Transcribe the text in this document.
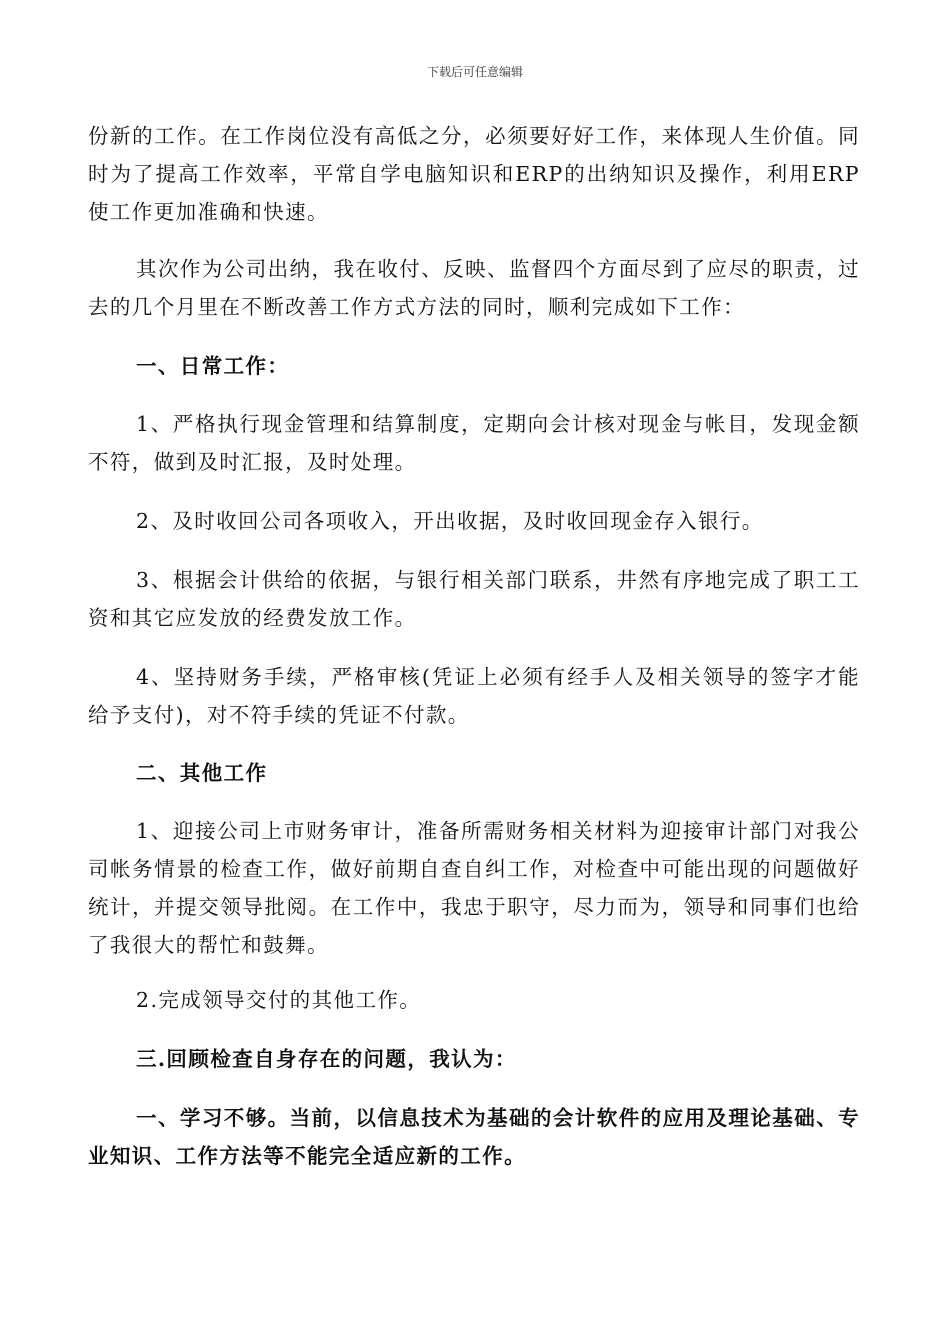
下载后可任意编辑

份新的工作。在工作岗位没有高低之分，必须要好好工作，来体现人生价值。同时为了提高工作效率，平常自学电脑知识和ERP的出纳知识及操作，利用ERP使工作更加准确和快速。

其次作为公司出纳，我在收付、反映、监督四个方面尽到了应尽的职责，过去的几个月里在不断改善工作方式方法的同时，顺利完成如下工作：

一、日常工作：

1、严格执行现金管理和结算制度，定期向会计核对现金与帐目，发现金额不符，做到及时汇报，及时处理。

2、及时收回公司各项收入，开出收据，及时收回现金存入银行。

3、根据会计供给的依据，与银行相关部门联系，井然有序地完成了职工工资和其它应发放的经费发放工作。

4、坚持财务手续，严格审核(凭证上必须有经手人及相关领导的签字才能给予支付)，对不符手续的凭证不付款。

二、其他工作

1、迎接公司上市财务审计，准备所需财务相关材料为迎接审计部门对我公司帐务情景的检查工作，做好前期自查自纠工作，对检查中可能出现的问题做好统计，并提交领导批阅。在工作中，我忠于职守，尽力而为，领导和同事们也给了我很大的帮忙和鼓舞。

2.完成领导交付的其他工作。

三.回顾检查自身存在的问题，我认为：

一、学习不够。当前，以信息技术为基础的会计软件的应用及理论基础、专业知识、工作方法等不能完全适应新的工作。
